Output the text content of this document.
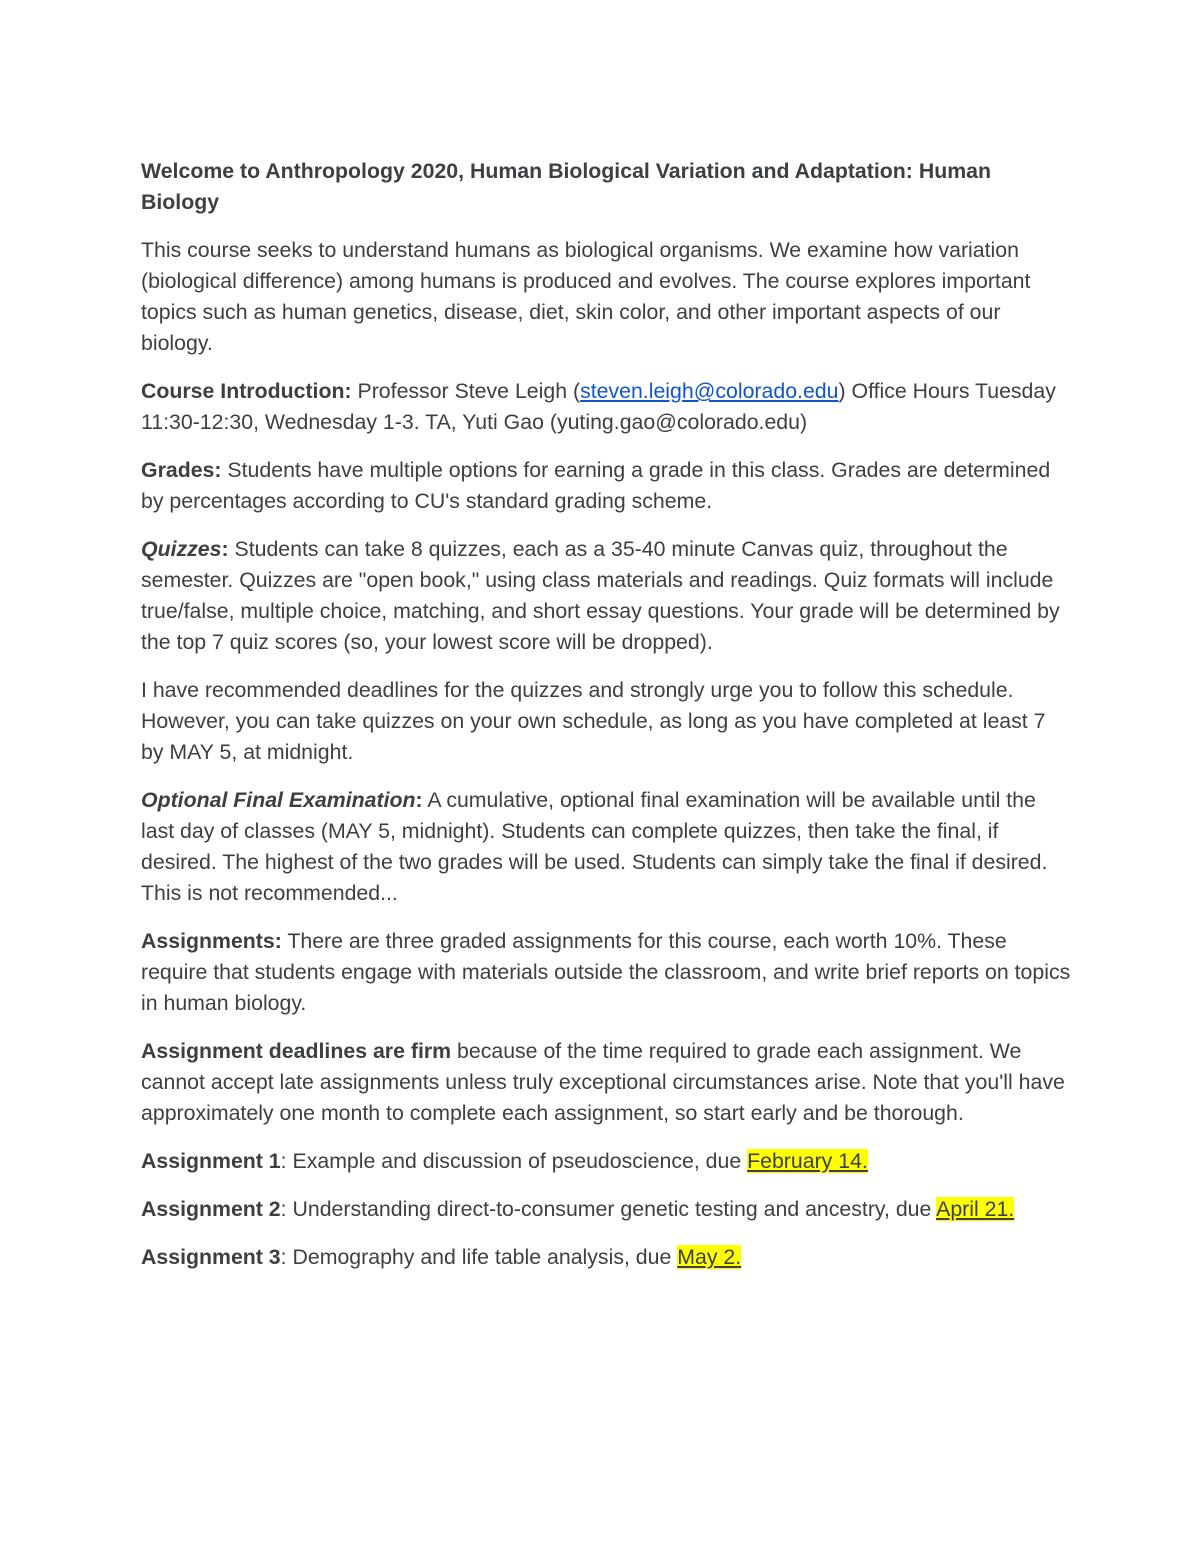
Welcome to Anthropology 2020, Human Biological Variation and Adaptation: Human Biology

This course seeks to understand humans as biological organisms. We examine how variation (biological difference) among humans is produced and evolves. The course explores important topics such as human genetics, disease, diet, skin color, and other important aspects of our biology.

Course Introduction: Professor Steve Leigh (steven.leigh@colorado.edu) Office Hours Tuesday 11:30-12:30, Wednesday 1-3. TA, Yuti Gao (yuting.gao@colorado.edu)

Grades: Students have multiple options for earning a grade in this class. Grades are determined by percentages according to CU's standard grading scheme.

Quizzes: Students can take 8 quizzes, each as a 35-40 minute Canvas quiz, throughout the semester. Quizzes are "open book," using class materials and readings. Quiz formats will include true/false, multiple choice, matching, and short essay questions. Your grade will be determined by the top 7 quiz scores (so, your lowest score will be dropped).

I have recommended deadlines for the quizzes and strongly urge you to follow this schedule. However, you can take quizzes on your own schedule, as long as you have completed at least 7 by MAY 5, at midnight.

Optional Final Examination: A cumulative, optional final examination will be available until the last day of classes (MAY 5, midnight). Students can complete quizzes, then take the final, if desired. The highest of the two grades will be used. Students can simply take the final if desired. This is not recommended...

Assignments: There are three graded assignments for this course, each worth 10%. These require that students engage with materials outside the classroom, and write brief reports on topics in human biology.

Assignment deadlines are firm because of the time required to grade each assignment. We cannot accept late assignments unless truly exceptional circumstances arise. Note that you'll have approximately one month to complete each assignment, so start early and be thorough.

Assignment 1: Example and discussion of pseudoscience, due February 14.

Assignment 2: Understanding direct-to-consumer genetic testing and ancestry, due April 21.

Assignment 3: Demography and life table analysis, due May 2.
